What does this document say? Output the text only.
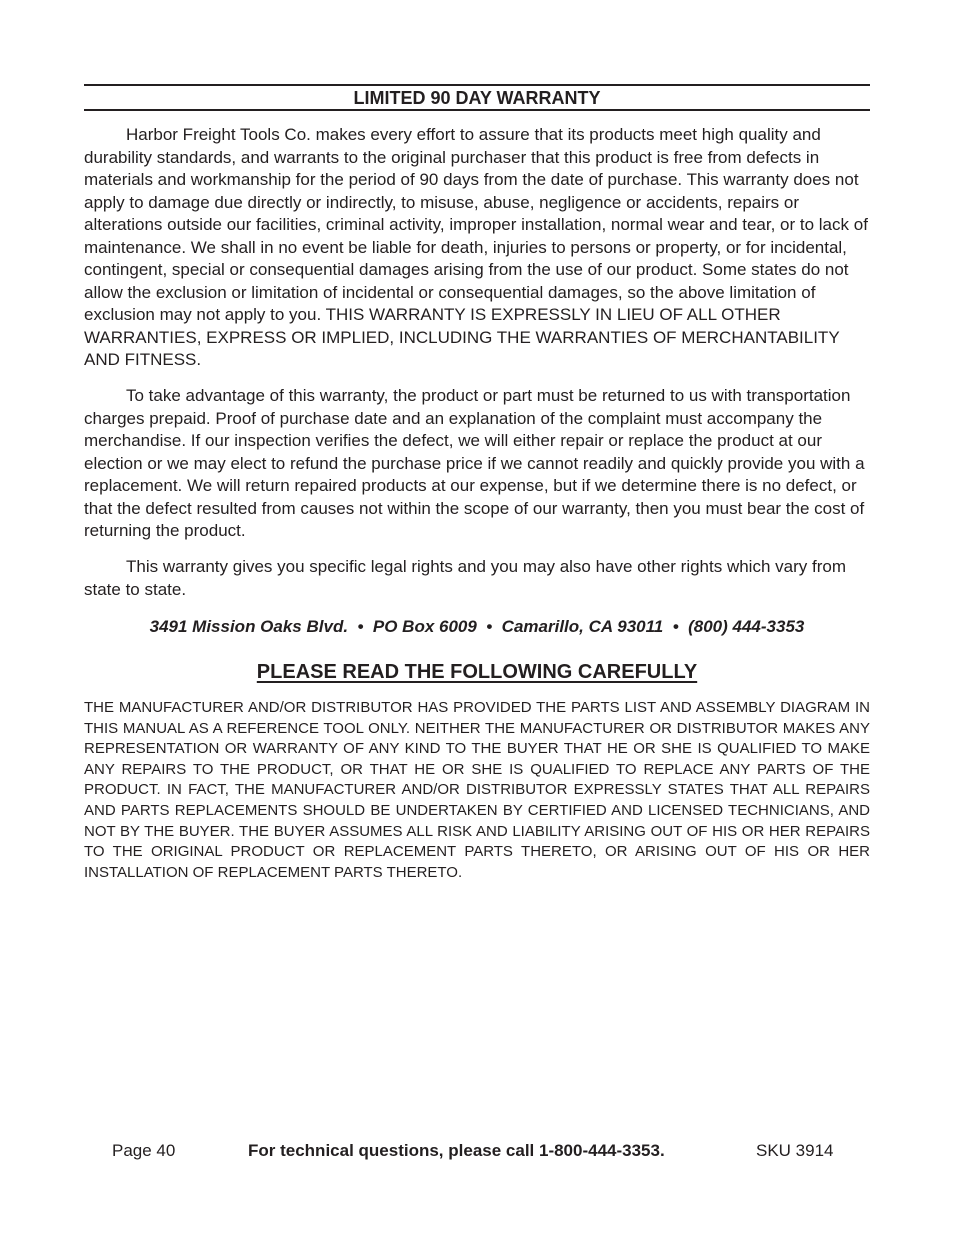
LIMITED 90 DAY WARRANTY

Harbor Freight Tools Co. makes every effort to assure that its products meet high quality and durability standards, and warrants to the original purchaser that this product is free from defects in materials and workmanship for the period of 90 days from the date of purchase. This warranty does not apply to damage due directly or indirectly, to misuse, abuse, negligence or accidents, repairs or alterations outside our facilities, criminal activity, improper installation, normal wear and tear, or to lack of maintenance. We shall in no event be liable for death, injuries to persons or property, or for incidental, contingent, special or consequential damages arising from the use of our product. Some states do not allow the exclusion or limitation of incidental or consequential damages, so the above limitation of exclusion may not apply to you. THIS WARRANTY IS EXPRESSLY IN LIEU OF ALL OTHER WARRANTIES, EXPRESS OR IMPLIED, INCLUDING THE WARRANTIES OF MERCHANTABILITY AND FITNESS.

To take advantage of this warranty, the product or part must be returned to us with transportation charges prepaid. Proof of purchase date and an explanation of the complaint must accompany the merchandise. If our inspection verifies the defect, we will either repair or replace the product at our election or we may elect to refund the purchase price if we cannot readily and quickly provide you with a replacement. We will return repaired products at our expense, but if we determine there is no defect, or that the defect resulted from causes not within the scope of our warranty, then you must bear the cost of returning the product.

This warranty gives you specific legal rights and you may also have other rights which vary from state to state.

3491 Mission Oaks Blvd.  •  PO Box 6009  •  Camarillo, CA 93011  •  (800) 444-3353
PLEASE READ THE FOLLOWING CAREFULLY

THE MANUFACTURER AND/OR DISTRIBUTOR HAS PROVIDED THE PARTS LIST AND ASSEMBLY DIAGRAM IN THIS MANUAL AS A REFERENCE TOOL ONLY. NEITHER THE MANUFACTURER OR DISTRIBUTOR MAKES ANY REPRESENTATION OR WARRANTY OF ANY KIND TO THE BUYER THAT HE OR SHE IS QUALIFIED TO MAKE ANY REPAIRS TO THE PRODUCT, OR THAT HE OR SHE IS QUALIFIED TO REPLACE ANY PARTS OF THE PRODUCT. IN FACT, THE MANUFACTURER AND/OR DISTRIBUTOR EXPRESSLY STATES THAT ALL REPAIRS AND PARTS REPLACEMENTS SHOULD BE UNDERTAKEN BY CERTIFIED AND LICENSED TECHNICIANS, AND NOT BY THE BUYER. THE BUYER ASSUMES ALL RISK AND LIABILITY ARISING OUT OF HIS OR HER REPAIRS TO THE ORIGINAL PRODUCT OR REPLACEMENT PARTS THERETO, OR ARISING OUT OF HIS OR HER INSTALLATION OF REPLACEMENT PARTS THERETO.

Page 40	For technical questions, please call 1-800-444-3353.	SKU 3914
